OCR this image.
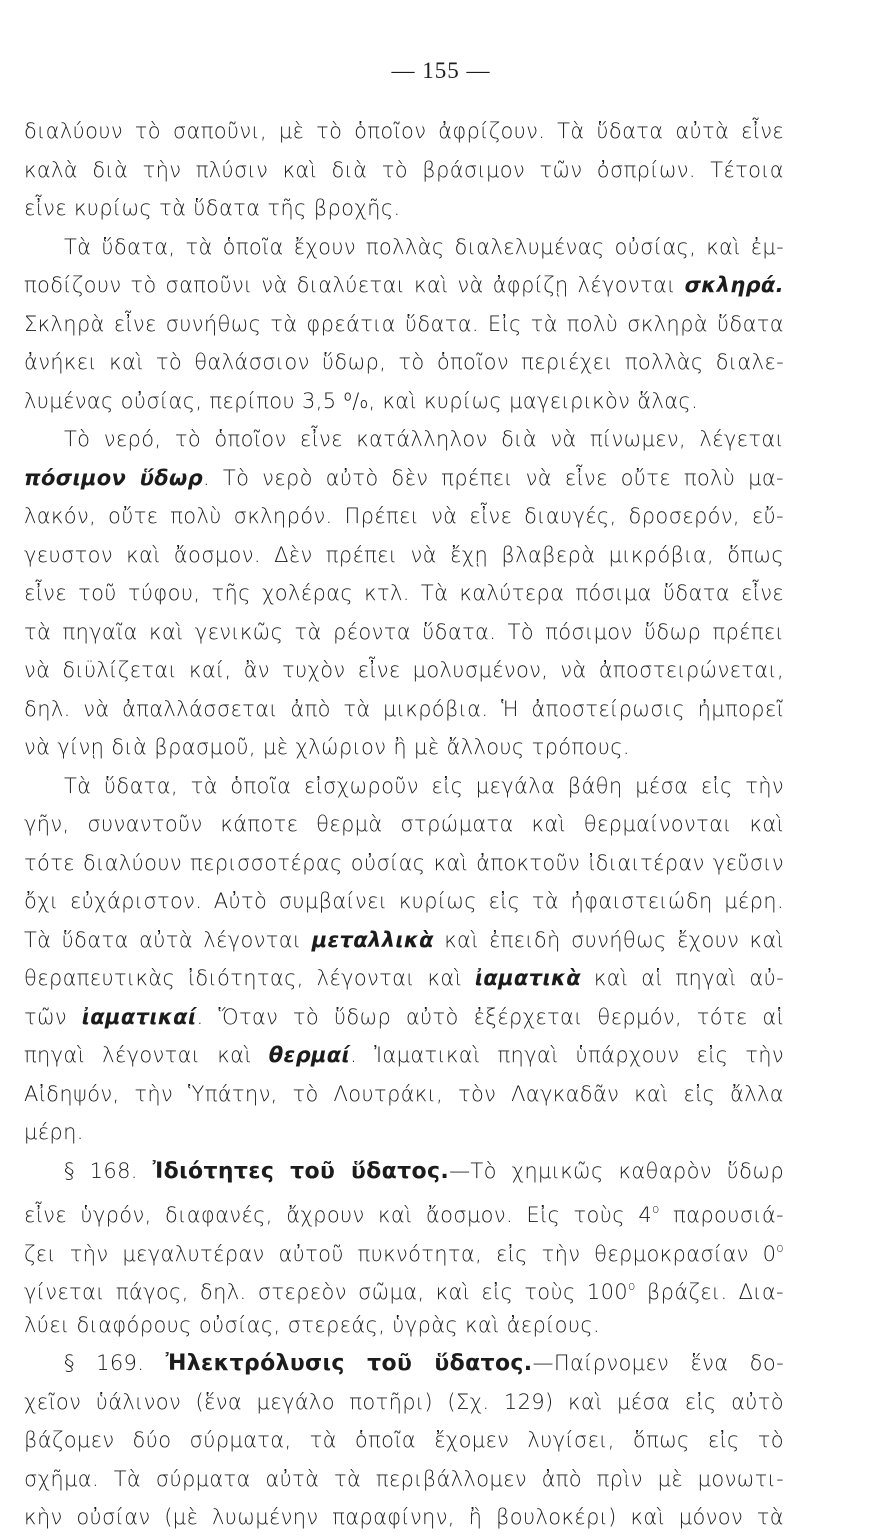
— 155 —
διαλύουν τὸ σαποῦνι, μὲ τὸ ὁποῖον ἀφρίζουν. Τὰ ὕδατα αὐτὰ εἶνε
καλὰ διὰ τὴν πλύσιν καὶ διὰ τὸ βράσιμον τῶν ὀσπρίων. Τέτοια
εἶνε κυρίως τὰ ὕδατα τῆς βροχῆς.
Τὰ ὕδατα, τὰ ὁποῖα ἔχουν πολλὰς διαλελυμένας οὐσίας, καὶ ἐμ-
ποδίζουν τὸ σαποῦνι νὰ διαλύεται καὶ νὰ ἀφρίζῃ λέγονται σκληρά.
Σκληρὰ εἶνε συνήθως τὰ φρεάτια ὕδατα. Εἰς τὰ πολὺ σκληρὰ ὕδατα
ἀνήκει καὶ τὸ θαλάσσιον ὕδωρ, τὸ ὁποῖον περιέχει πολλὰς διαλε-
λυμένας οὐσίας, περίπου 3,5 ⁰/₀, καὶ κυρίως μαγειρικὸν ἅλας.
Τὸ νερό, τὸ ὁποῖον εἶνε κατάλληλον διὰ νὰ πίνωμεν, λέγεται
πόσιμον ὕδωρ. Τὸ νερὸ αὐτὸ δὲν πρέπει νὰ εἶνε οὔτε πολὺ μα-
λακόν, οὔτε πολὺ σκληρόν. Πρέπει νὰ εἶνε διαυγές, δροσερόν, εὔ-
γευστον καὶ ἄοσμον. Δὲν πρέπει νὰ ἔχῃ βλαβερὰ μικρόβια, ὅπως
εἶνε τοῦ τύφου, τῆς χολέρας κτλ. Τὰ καλύτερα πόσιμα ὕδατα εἶνε
τὰ πηγαῖα καὶ γενικῶς τὰ ρέοντα ὕδατα. Τὸ πόσιμον ὕδωρ πρέπει
νὰ διϋλίζεται καί, ἂν τυχὸν εἶνε μολυσμένον, νὰ ἀποστειρώνεται,
δηλ. νὰ ἀπαλλάσσεται ἀπὸ τὰ μικρόβια. Ἡ ἀποστείρωσις ἠμπορεῖ
νὰ γίνῃ διὰ βρασμοῦ, μὲ χλώριον ἢ μὲ ἄλλους τρόπους.
Τὰ ὕδατα, τὰ ὁποῖα εἰσχωροῦν εἰς μεγάλα βάθη μέσα εἰς τὴν
γῆν, συναντοῦν κάποτε θερμὰ στρώματα καὶ θερμαίνονται καὶ
τότε διαλύουν περισσοτέρας οὐσίας καὶ ἀποκτοῦν ἰδιαιτέραν γεῦσιν
ὄχι εὐχάριστον. Αὐτὸ συμβαίνει κυρίως εἰς τὰ ἠφαιστειώδη μέρη.
Τὰ ὕδατα αὐτὰ λέγονται μεταλλικὰ καὶ ἐπειδὴ συνήθως ἔχουν καὶ
θεραπευτικὰς ἰδιότητας, λέγονται καὶ ἰαματικὰ καὶ αἱ πηγαὶ αὐ-
τῶν ἰαματικαί. Ὅταν τὸ ὕδωρ αὐτὸ ἐξέρχεται θερμόν, τότε αἱ
πηγαὶ λέγονται καὶ θερμαί. Ἰαματικαὶ πηγαὶ ὑπάρχουν εἰς τὴν
Αἰδηψόν, τὴν Ὑπάτην, τὸ Λουτράκι, τὸν Λαγκαδᾶν καὶ εἰς ἄλλα
μέρη.
§ 168. Ἰδιότητες τοῦ ὕδατος.—Τὸ χημικῶς καθαρὸν ὕδωρ
εἶνε ὑγρόν, διαφανές, ἄχρουν καὶ ἄοσμον. Εἰς τοὺς $4^o$ παρουσιά-
ζει τὴν μεγαλυτέραν αὐτοῦ πυκνότητα, εἰς τὴν θερμοκρασίαν $0^o$
γίνεται πάγος, δηλ. στερεὸν σῶμα, καὶ εἰς τοὺς $100^o$ βράζει. Δια-
λύει διαφόρους οὐσίας, στερεάς, ὑγρὰς καὶ ἀερίους.
§ 169. Ἠλεκτρόλυσις τοῦ ὕδατος.—Παίρνομεν ἕνα δο-
χεῖον ὑάλινον (ἕνα μεγάλο ποτῆρι) (Σχ. 129) καὶ μέσα εἰς αὐτὸ
βάζομεν δύο σύρματα, τὰ ὁποῖα ἔχομεν λυγίσει, ὅπως εἰς τὸ
σχῆμα. Τὰ σύρματα αὐτὰ τὰ περιβάλλομεν ἀπὸ πρὶν μὲ μονωτι-
κὴν οὐσίαν (μὲ λυωμένην παραφίνην, ἢ βουλοκέρι) καὶ μόνον τὰ
